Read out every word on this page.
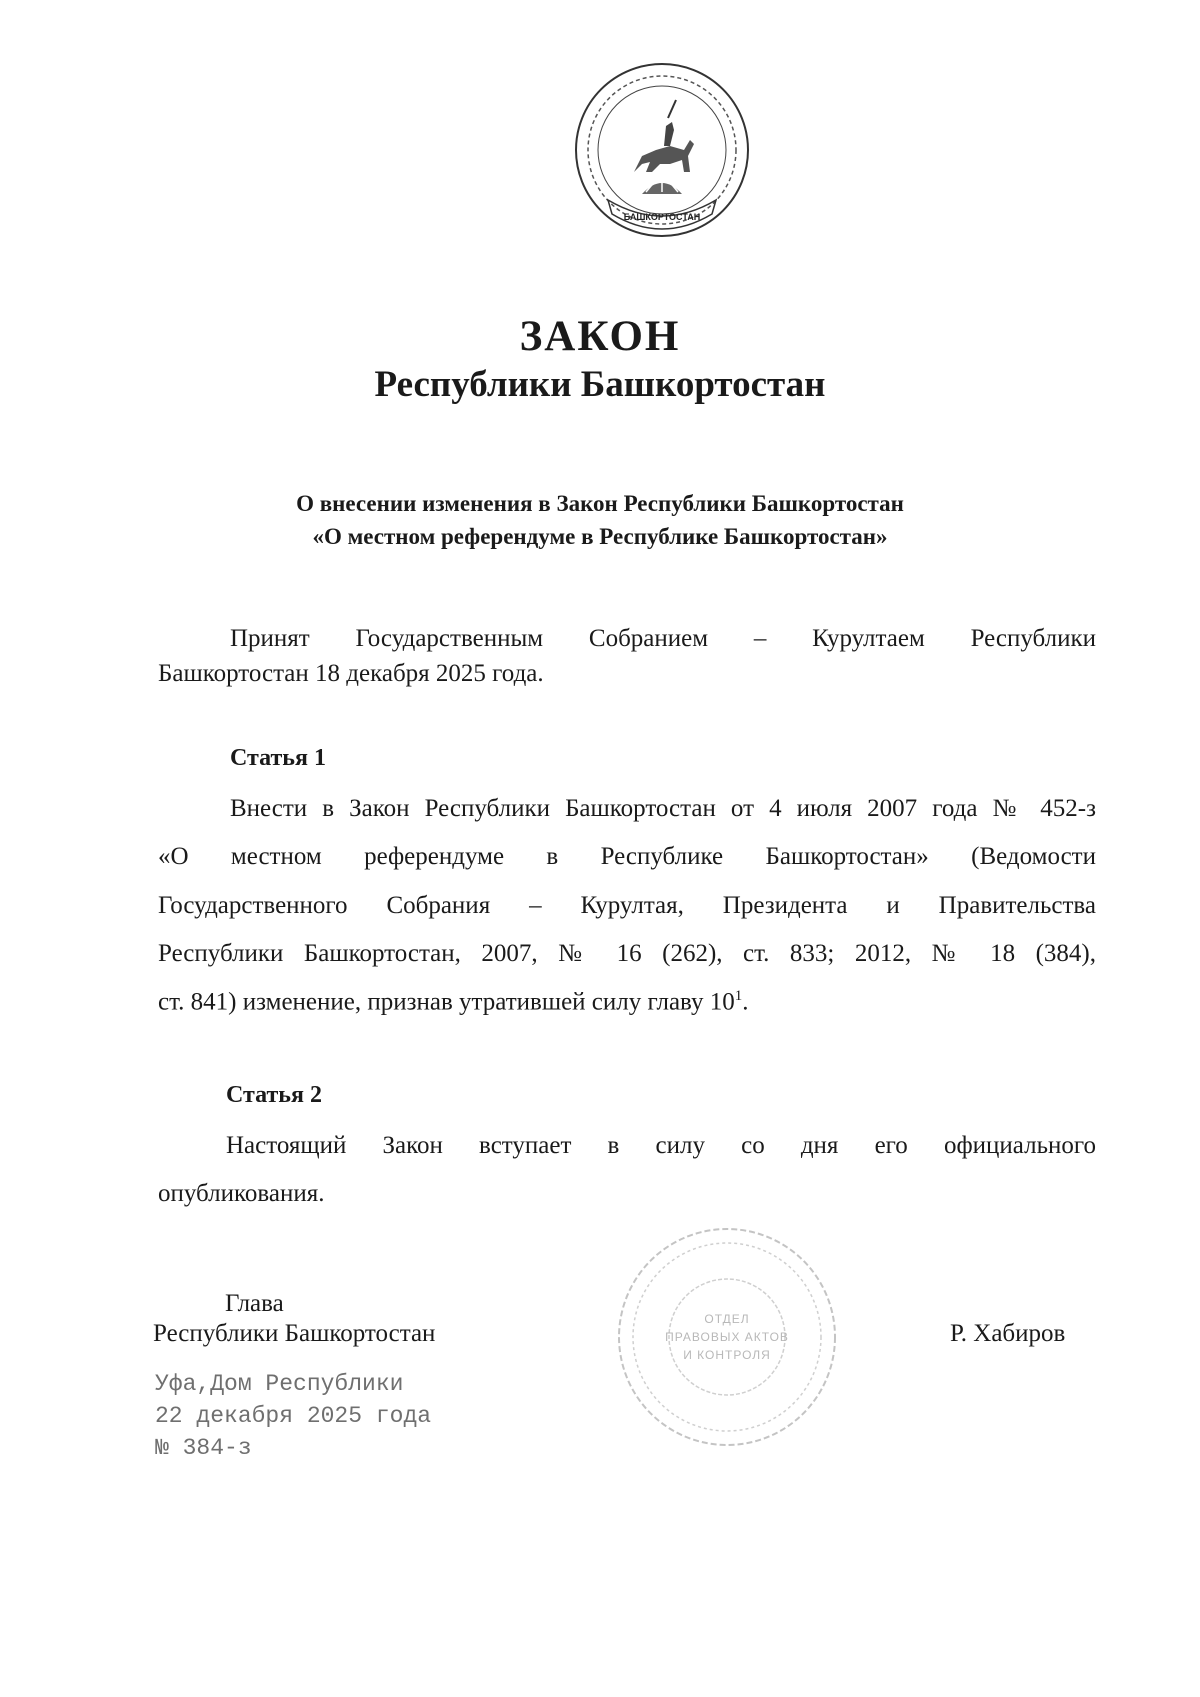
БАШКОРТОСТАН
ЗАКОН
Республики Башкортостан
О внесении изменения в Закон Республики Башкортостан
«О местном референдуме в Республике Башкортостан»
Принят Государственным Собранием – Курултаем Республики
Башкортостан 18 декабря 2025 года.
Статья 1
Внести в Закон Республики Башкортостан от 4 июля 2007 года № 452-з
«О местном референдуме в Республике Башкортостан» (Ведомости
Государственного Собрания – Курултая, Президента и Правительства
Республики Башкортостан, 2007, № 16 (262), ст. 833; 2012, № 18 (384),
ст. 841) изменение, признав утратившей силу главу $10^1$.
Статья 2
Настоящий Закон вступает в силу со дня его официального
опубликования.
ОТДЕЛ
ПРАВОВЫХ АКТОВ
И КОНТРОЛЯ
Глава
Республики Башкортостан	Р. Хабиров
Уфа,Дом Республики
22 декабря 2025 года
№ 384-з
